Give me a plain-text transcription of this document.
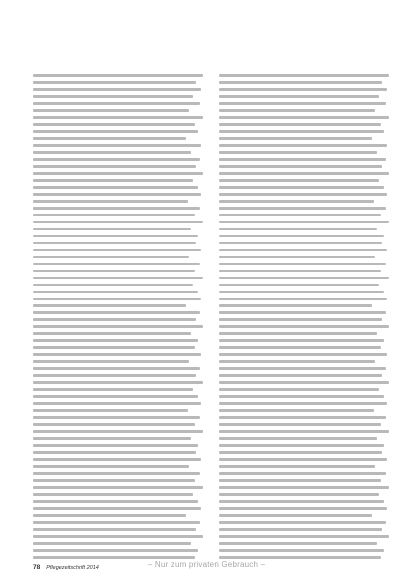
– Nur zum privaten Gebrauch –
78 Pflegezeitschrift 2014
